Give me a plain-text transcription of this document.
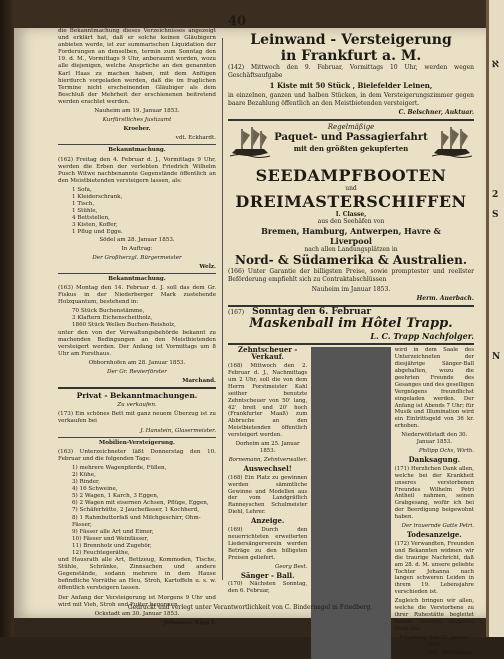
ℵ
2
S
N
40

die Bekanntmachung dieses Verzeichnisses angezeigt und erklärt hat, daß er solche keinen Gläubigern anbieten werde, ist zur summarischen Liquidation der Forderungen an denselben, termin zum Sonntag den 19. d. M., Vormittags 9 Uhr, anberaumt worden, wozu alle diejenigen, welche Ansprüche an den genannten Karl Haas zu machen haben, mit dem Anfügen hierdurch vorgeladen werden, daß die im fraglichen Termine nicht erscheinenden Gläubiger als dem Beschluß der Mehrheit der erschienenen beitretend werden erachtet werden.

Nauheim am 19. Januar 1853.

Kurfürstliches Justizamt

Kroeber.

vdt. Eckhardt.

Bekanntmachung.

(162) Freitag den 4. Februar d. J., Vormittags 9 Uhr, werden die Erben der verlebten Friedrich Wilhelm Pusch Witwe nachbenannte Gegenstände öffentlich an den Meistbietenden versteigern lassen, als:

1 Sofa,
1 Kleiderschrank,
1 Tisch,
1 Stühle,
4 Bettstellen,
3 Kisten, Koffer,
1 Pflug und Egge.

Södel am 28. Januar 1853.

In Auftrag:

Der Großherzgl. Bürgermeister

Welz.

Bekanntmachung.

(163) Montag den 14. Februar d. J. soll das dem Gr. Fiskus in der Niederberger Mark zustehende Holzquantum, bestehend in:

70 Stück Buchenstämme,
3 Klaftern Eichenscheitholz,
1860 Stück Wellen Buchen-Reisholz,

unter den von der Verwaltungsbehörde bekannt zu machenden Bedingungen an den Meistbietenden versteigert werden. Der Anfang ist Vormittags um 8 Uhr am Forsthaus.

Obbornhofen am 28. Januar 1853.

Der Gr. Revierförster

Marchand.

Privat - Bekanntmachungen.

Zu verkaufen.

(173) Ein schönes Bett mit ganz neuem Überzug ist zu verkaufen bei

J. Hanstein, Glasermeister.

Mobilien-Versteigerung.

(163) Unterzeichneter läßt Donnerstag den 10. Februar und die folgenden Tage:

1) mehrere Wagenpferde, Füllen,
2) Kühe,
3) Rinder,
4) 16 Schweine,
5) 2 Wagen, 1 Karch, 3 Eggen,
6) 2 Wagen mit eisernen Achsen, Pflüge, Eggen,
7) Schäferhütte, 2 Jauchefässer, 1 Kochherd,
8) 1 Rahmbutterfaß und Milchgeschirr, Ohm-Fässer,
9) Fässer alle Art und Eimer,
10) Fässer und Weinfässer,
11) Brennholz und Zugehör,
12) Feuchtegeräthe,

und Hausrath alle Art, Bettzeug, Kommoden, Tische, Stühle, Schränke, Zinnsachen und andere Gegenstände, sodann mehrere in dem Hause befindliche Vorräthe an Heu, Stroh, Kartoffeln u. s. w. öffentlich versteigern lassen.

Der Anfang der Versteigerung ist Morgens 9 Uhr und wird mit Vieh, Stroh und Futter begonnen.

Ockstadt am 30. Januar 1853.

Johannes Kipp I.

Leinwand - Versteigerung
in Frankfurt a. M.

(142) Mittwoch den 9. Februar, Vormittags 10 Uhr, werden wegen Geschäftsaufgabe

1 Kiste mit 50 Stück , Bielefelder Leinen,

in einzelnen, ganzen und halben Stücken, in dem Versteigerungszimmer gegen baare Bezahlung öffentlich an den Meistbietenden versteigert.

C. Belschner, Auktuar.

Regelmäßige
Paquet- und Passagierfahrt
mit den größten gekupferten
SEEDAMPFBOOTEN
und
DREIMASTERSCHIFFEN
I. Classe,
aus den Seehäfen von
Bremen, Hamburg, Antwerpen, Havre &
Liverpool
nach allen Landungsplätzen in
Nord- & Südamerika & Australien.

(166) Unter Garantie der billigsten Preise, sowie promptester und reellster Beförderung empfiehlt sich zu Contraktabschlüssen

Nauheim im Januar 1853.

Herm. Auerbach.

(167) Sonntag den 6. Februar
Maskenball im Hôtel Trapp.

L. C. Trapp Nachfolger.

Zehntscheuer - Verkauf.

(168) Mittwoch den 2. Februar d. J., Nachmittags um 2 Uhr, soll die von dem Herrn Forstmeister Kahl seither benutzte Zehntscheuer von 50' lang, 42' breit und 20' hoch (Frankfurter Maaß) zum Abbruche an den Meistbietenden öffentlich versteigert werden.

Dorheim am 25. Januar 1853.

Bornemann, Zehntverwalter.

Auswechsel!

(168) Ein Platz zu gewinnen werden sämmtliche Gewinne und Modellen aus der vom Landgräflich Ranneyschen Schulmeister Diehl, Lehrer.

Anzeige.

(169) Durch den neuerrichteten erweiterten Liedersängerverein werden Beträge zu den billigsten Preisen geliefert.

Georg Best.

Sänger - Ball.

(170) Nächsten Sonntag, den 6. Februar,

wird in dem Saale des Unterzeichneten der diesjährige Sänger-Ball abgehalten, wozu die geehrten Freunde des Gesanges und des geselligen Vergnügens freundlichst eingeladen werden. Der Anfang ist Abends 7 Uhr; für Musik und Illumination wird ein Eintrittsgeld von 36 kr. erhoben.

Niederwöllstadt den 30. Januar 1853.

Philipp Ochs, Wirth.

Danksagung.

(171) Herzlichen Dank allen, welche bei der Krankheit unseres verstorbenen Freundes Wilhelm Petri Antheil nahmen, seinen Grabgesang, wofür ich bei der Beerdigung beigewohnt haben.

Der trauernde Gatte Petri.

Todesanzeige.

(172) Verwandten, Freunden und Bekannten widmen wir die traurige Nachricht, daß am 28. d. M. unsere geliebte Tochter Johanna nach langen schweren Leiden in ihrem 19. Lebensjahre verschieden ist.

Zugleich bringen wir allen, welche die Verstorbene zu ihrer Ruhestätte begleitet haben, unseren innigsten Dank dar.

Friedberg den 30. Januar 1853.

Joh. Weckesling.

Gedruckt und verlegt unter Verantwortlichkeit von C. Bindernagel in Friedberg.
